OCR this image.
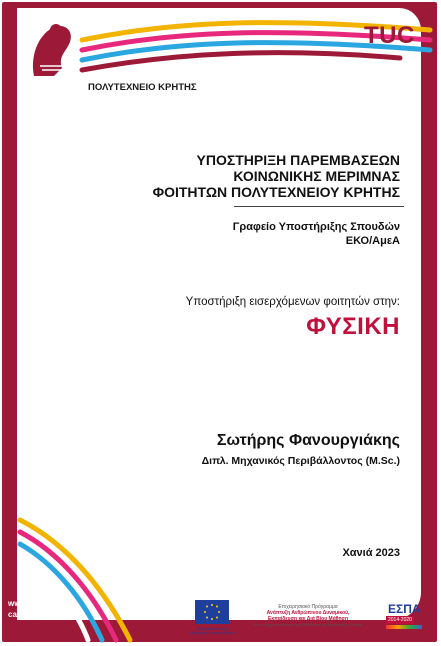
TUC
ΠΟΛΥΤΕΧΝΕΙΟ ΚΡΗΤΗΣ
ΥΠΟΣΤΗΡΙΞΗ ΠΑΡΕΜΒΑΣΕΩΝ
ΚΟΙΝΩΝΙΚΗΣ ΜΕΡΙΜΝΑΣ
ΦΟΙΤΗΤΩΝ ΠΟΛΥΤΕΧΝΕΙΟΥ ΚΡΗΤΗΣ
Γραφείο Υποστήριξης Σπουδών
ΕΚΟ/ΑμεΑ
Υποστήριξη εισερχόμενων φοιτητών στην:
ΦΥΣΙΚΗ
Σωτήρης Φανουργιάκης
Διπλ. Μηχανικός Περιβάλλοντος (M.Sc.)
Χανιά 2023
www.care.tuc.gr
care@tuc.gr
Ευρωπαϊκή Ένωση
Ευρωπαϊκό Κοινωνικό Ταμείο
Επιχειρησιακό Πρόγραμμα
Ανάπτυξη Ανθρώπινου Δυναμικού,
Εκπαίδευση και Διά Βίου Μάθηση
Με τη συγχρηματοδότηση της Ελλάδας και της Ευρωπαϊκής Ένωσης
ΕΣΠΑ
2014-2020
